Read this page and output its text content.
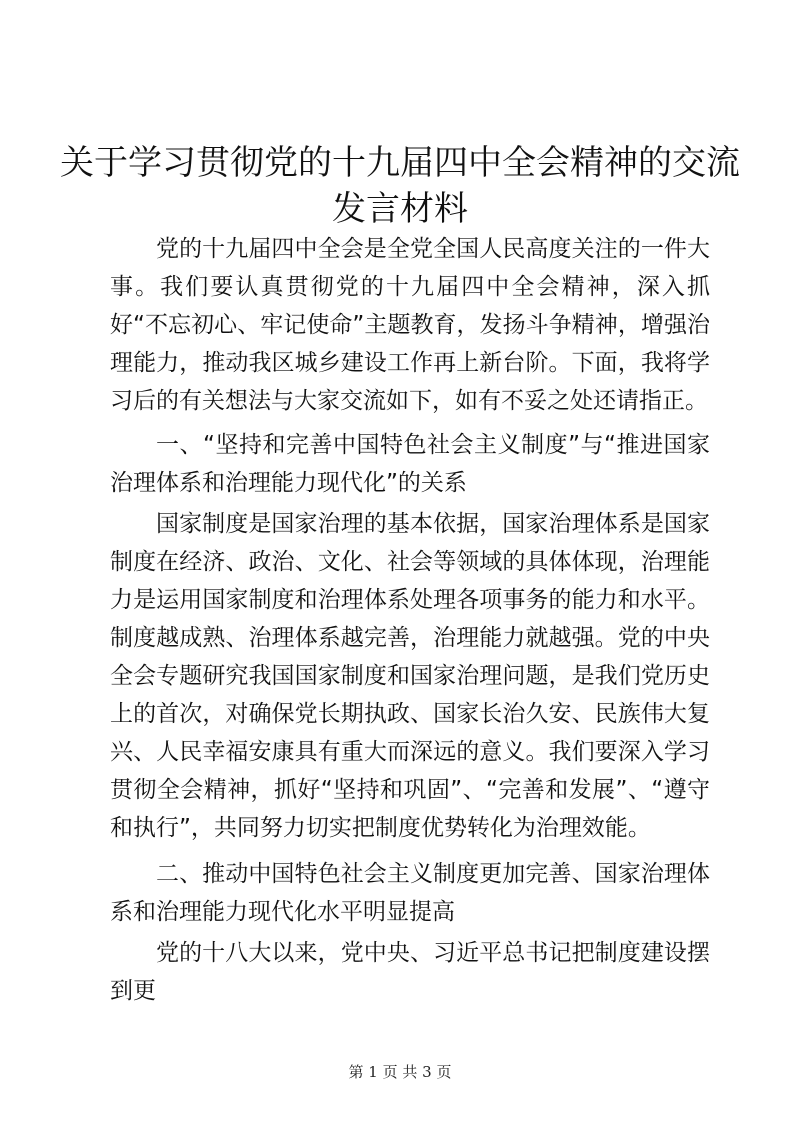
关于学习贯彻党的十九届四中全会精神的交流
发言材料

党的十九届四中全会是全党全国人民高度关注的一件大事。我们要认真贯彻党的十九届四中全会精神，深入抓好“不忘初心、牢记使命”主题教育，发扬斗争精神，增强治理能力，推动我区城乡建设工作再上新台阶。下面，我将学习后的有关想法与大家交流如下，如有不妥之处还请指正。

一、“坚持和完善中国特色社会主义制度”与“推进国家治理体系和治理能力现代化”的关系

国家制度是国家治理的基本依据，国家治理体系是国家制度在经济、政治、文化、社会等领域的具体体现，治理能力是运用国家制度和治理体系处理各项事务的能力和水平。制度越成熟、治理体系越完善，治理能力就越强。党的中央全会专题研究我国国家制度和国家治理问题，是我们党历史上的首次，对确保党长期执政、国家长治久安、民族伟大复兴、人民幸福安康具有重大而深远的意义。我们要深入学习贯彻全会精神，抓好“坚持和巩固”、“完善和发展”、“遵守和执行”，共同努力切实把制度优势转化为治理效能。

二、推动中国特色社会主义制度更加完善、国家治理体系和治理能力现代化水平明显提高

党的十八大以来，党中央、习近平总书记把制度建设摆到更

第 1 页 共 3 页
